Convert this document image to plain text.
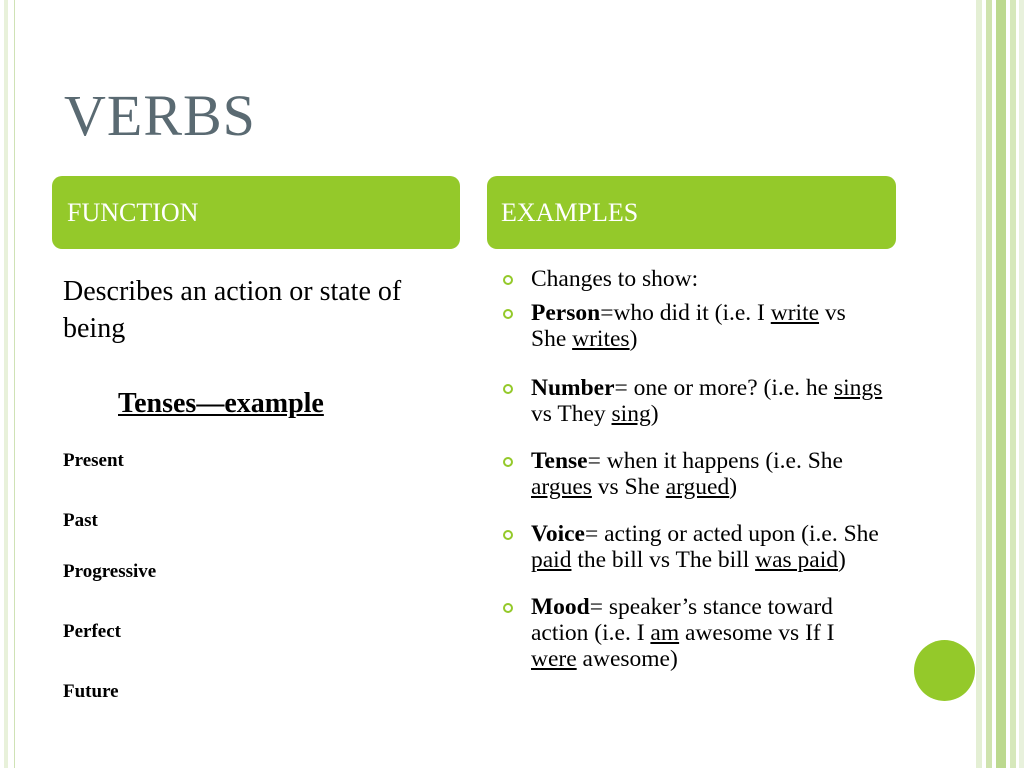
VERBS
FUNCTION	EXAMPLES
Describes an action or state of being
Tenses—example
Present
Past
Progressive
Perfect
Future
Changes to show:
Person=who did it (i.e. I write vs She writes)
Number= one or more? (i.e. he sings vs They sing)
Tense= when it happens (i.e. She argues vs She argued)
Voice= acting or acted upon (i.e. She paid the bill vs The bill was paid)
Mood= speaker’s stance toward action (i.e. I am awesome vs If I were awesome)
